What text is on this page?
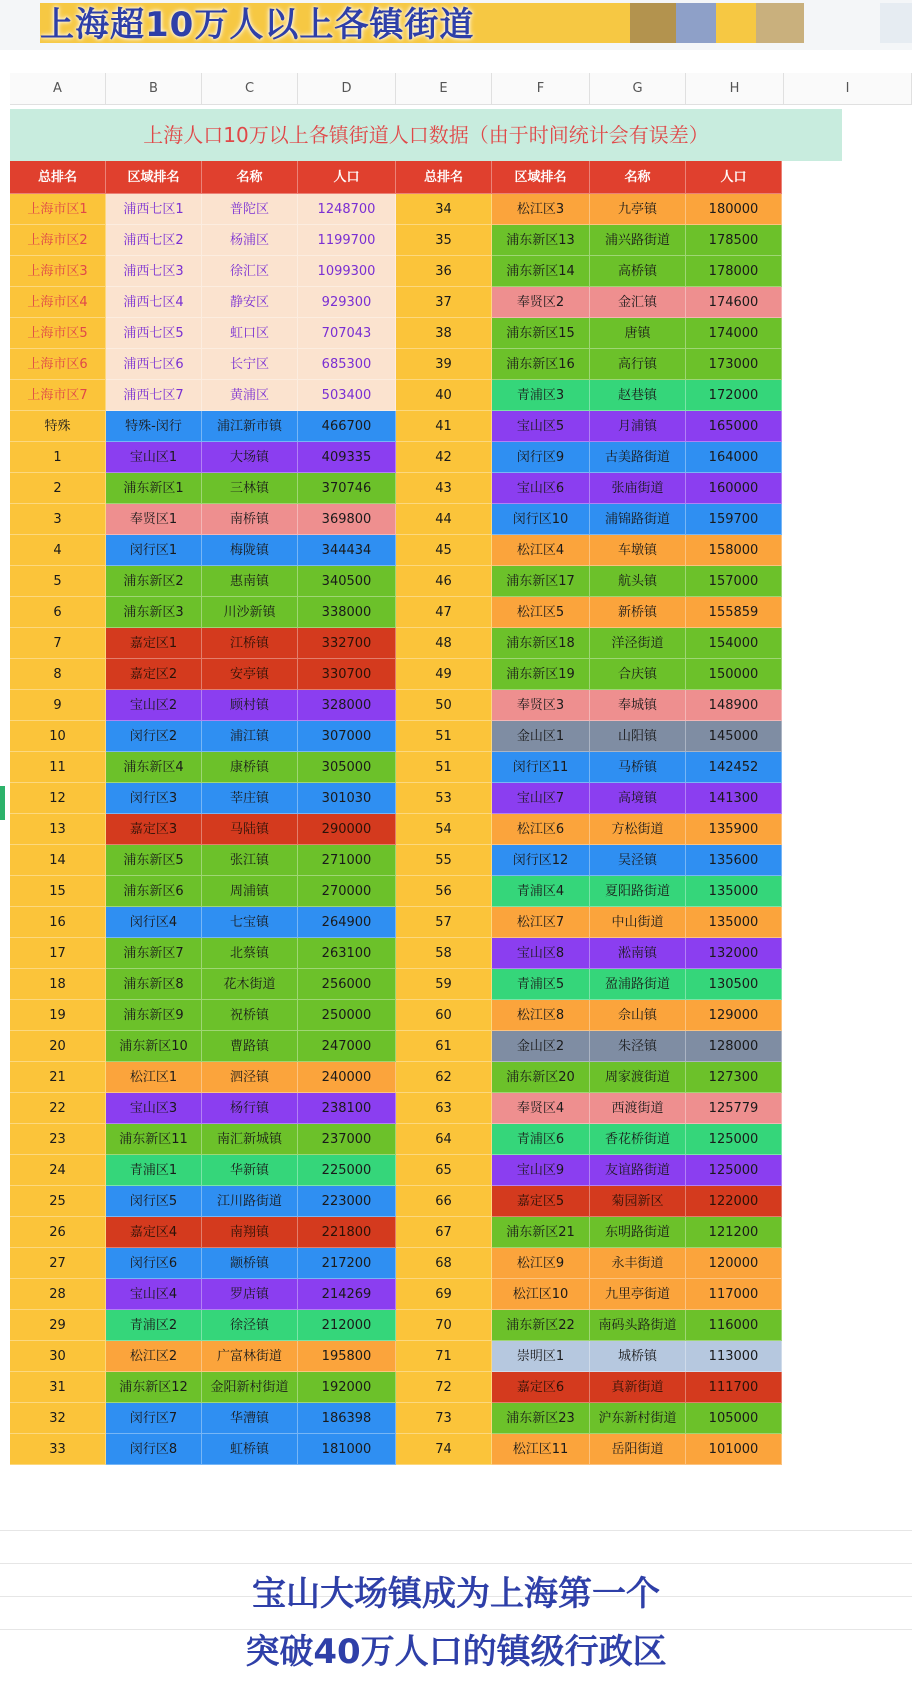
上海超10万人以上各镇街道
A	B	C	D	E	F	G	H	I
上海人口10万以上各镇街道人口数据（由于时间统计会有误差）
总排名	区域排名	名称	人口	总排名	区域排名	名称	人口
上海市区1	浦西七区1	普陀区	1248700	34	松江区3	九亭镇	180000
上海市区2	浦西七区2	杨浦区	1199700	35	浦东新区13	浦兴路街道	178500
上海市区3	浦西七区3	徐汇区	1099300	36	浦东新区14	高桥镇	178000
上海市区4	浦西七区4	静安区	929300	37	奉贤区2	金汇镇	174600
上海市区5	浦西七区5	虹口区	707043	38	浦东新区15	唐镇	174000
上海市区6	浦西七区6	长宁区	685300	39	浦东新区16	高行镇	173000
上海市区7	浦西七区7	黄浦区	503400	40	青浦区3	赵巷镇	172000
特殊	特殊-闵行	浦江新市镇	466700	41	宝山区5	月浦镇	165000
1	宝山区1	大场镇	409335	42	闵行区9	古美路街道	164000
2	浦东新区1	三林镇	370746	43	宝山区6	张庙街道	160000
3	奉贤区1	南桥镇	369800	44	闵行区10	浦锦路街道	159700
4	闵行区1	梅陇镇	344434	45	松江区4	车墩镇	158000
5	浦东新区2	惠南镇	340500	46	浦东新区17	航头镇	157000
6	浦东新区3	川沙新镇	338000	47	松江区5	新桥镇	155859
7	嘉定区1	江桥镇	332700	48	浦东新区18	洋泾街道	154000
8	嘉定区2	安亭镇	330700	49	浦东新区19	合庆镇	150000
9	宝山区2	顾村镇	328000	50	奉贤区3	奉城镇	148900
10	闵行区2	浦江镇	307000	51	金山区1	山阳镇	145000
11	浦东新区4	康桥镇	305000	51	闵行区11	马桥镇	142452
12	闵行区3	莘庄镇	301030	53	宝山区7	高境镇	141300
13	嘉定区3	马陆镇	290000	54	松江区6	方松街道	135900
14	浦东新区5	张江镇	271000	55	闵行区12	吴泾镇	135600
15	浦东新区6	周浦镇	270000	56	青浦区4	夏阳路街道	135000
16	闵行区4	七宝镇	264900	57	松江区7	中山街道	135000
17	浦东新区7	北蔡镇	263100	58	宝山区8	淞南镇	132000
18	浦东新区8	花木街道	256000	59	青浦区5	盈浦路街道	130500
19	浦东新区9	祝桥镇	250000	60	松江区8	佘山镇	129000
20	浦东新区10	曹路镇	247000	61	金山区2	朱泾镇	128000
21	松江区1	泗泾镇	240000	62	浦东新区20	周家渡街道	127300
22	宝山区3	杨行镇	238100	63	奉贤区4	西渡街道	125779
23	浦东新区11	南汇新城镇	237000	64	青浦区6	香花桥街道	125000
24	青浦区1	华新镇	225000	65	宝山区9	友谊路街道	125000
25	闵行区5	江川路街道	223000	66	嘉定区5	菊园新区	122000
26	嘉定区4	南翔镇	221800	67	浦东新区21	东明路街道	121200
27	闵行区6	颛桥镇	217200	68	松江区9	永丰街道	120000
28	宝山区4	罗店镇	214269	69	松江区10	九里亭街道	117000
29	青浦区2	徐泾镇	212000	70	浦东新区22	南码头路街道	116000
30	松江区2	广富林街道	195800	71	崇明区1	城桥镇	113000
31	浦东新区12	金阳新村街道	192000	72	嘉定区6	真新街道	111700
32	闵行区7	华漕镇	186398	73	浦东新区23	沪东新村街道	105000
33	闵行区8	虹桥镇	181000	74	松江区11	岳阳街道	101000
宝山大场镇成为上海第一个
突破40万人口的镇级行政区
